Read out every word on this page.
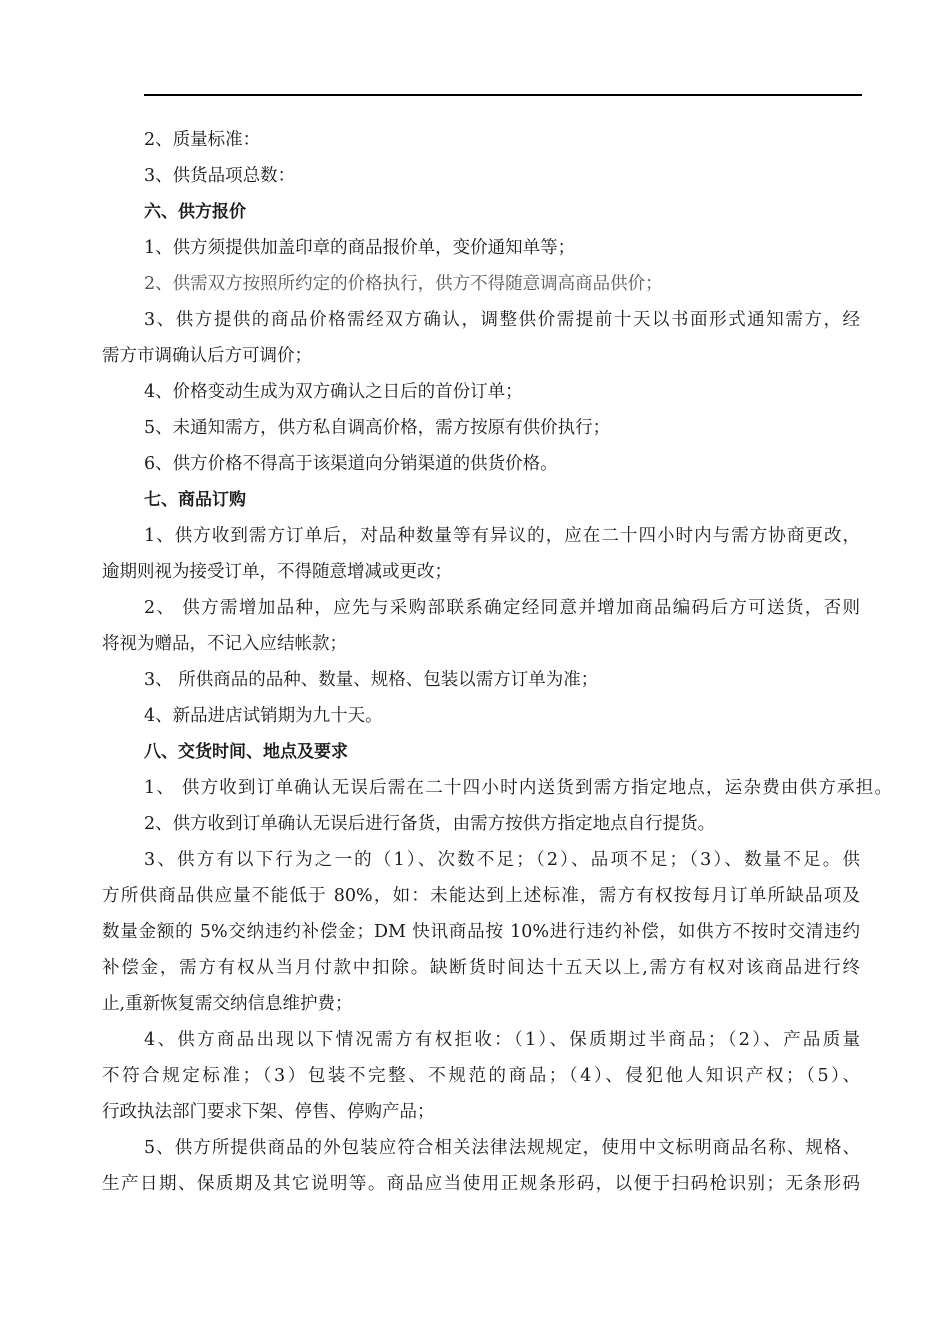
2、质量标准：
3、供货品项总数：
六、供方报价
1、供方须提供加盖印章的商品报价单，变价通知单等；
2、供需双方按照所约定的价格执行，供方不得随意调高商品供价；
3、供方提供的商品价格需经双方确认，调整供价需提前十天以书面形式通知需方，经
需方市调确认后方可调价；
4、价格变动生成为双方确认之日后的首份订单；
5、未通知需方，供方私自调高价格，需方按原有供价执行；
6、供方价格不得高于该渠道向分销渠道的供货价格。
七、商品订购
1、供方收到需方订单后，对品种数量等有异议的，应在二十四小时内与需方协商更改，
逾期则视为接受订单，不得随意增减或更改；
2、 供方需增加品种，应先与采购部联系确定经同意并增加商品编码后方可送货，否则
将视为赠品，不记入应结帐款；
3、 所供商品的品种、数量、规格、包装以需方订单为准；
4、新品进店试销期为九十天。
八、交货时间、地点及要求
1、 供方收到订单确认无误后需在二十四小时内送货到需方指定地点，运杂费由供方承担。
2、供方收到订单确认无误后进行备货，由需方按供方指定地点自行提货。
3、供方有以下行为之一的（1）、次数不足；（2）、品项不足；（3）、数量不足。供
方所供商品供应量不能低于 80%，如：未能达到上述标准，需方有权按每月订单所缺品项及
数量金额的 5%交纳违约补偿金；DM 快讯商品按 10%进行违约补偿，如供方不按时交清违约
补偿金，需方有权从当月付款中扣除。缺断货时间达十五天以上,需方有权对该商品进行终
止,重新恢复需交纳信息维护费；
4、供方商品出现以下情况需方有权拒收：（1）、保质期过半商品；（2）、产品质量
不符合规定标准；（3）包装不完整、不规范的商品；（4）、侵犯他人知识产权；（5）、
行政执法部门要求下架、停售、停购产品；
5、供方所提供商品的外包装应符合相关法律法规规定，使用中文标明商品名称、规格、
生产日期、保质期及其它说明等。商品应当使用正规条形码，以便于扫码枪识别；无条形码
